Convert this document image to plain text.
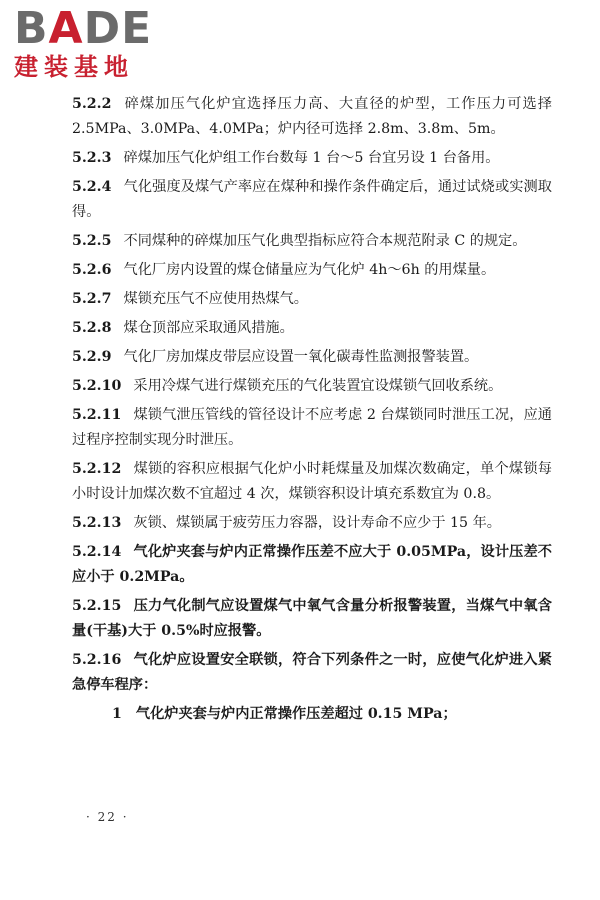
BADE
建装基地

5.2.2 碎煤加压气化炉宜选择压力高、大直径的炉型，工作压力可选择 2.5MPa、3.0MPa、4.0MPa；炉内径可选择 2.8m、3.8m、5m。

5.2.3 碎煤加压气化炉组工作台数每 1 台～5 台宜另设 1 台备用。

5.2.4 气化强度及煤气产率应在煤种和操作条件确定后，通过试烧或实测取得。

5.2.5 不同煤种的碎煤加压气化典型指标应符合本规范附录 C 的规定。

5.2.6 气化厂房内设置的煤仓储量应为气化炉 4h～6h 的用煤量。

5.2.7 煤锁充压气不应使用热煤气。

5.2.8 煤仓顶部应采取通风措施。

5.2.9 气化厂房加煤皮带层应设置一氧化碳毒性监测报警装置。

5.2.10 采用冷煤气进行煤锁充压的气化装置宜设煤锁气回收系统。

5.2.11 煤锁气泄压管线的管径设计不应考虑 2 台煤锁同时泄压工况，应通过程序控制实现分时泄压。

5.2.12 煤锁的容积应根据气化炉小时耗煤量及加煤次数确定，单个煤锁每小时设计加煤次数不宜超过 4 次，煤锁容积设计填充系数宜为 0.8。

5.2.13 灰锁、煤锁属于疲劳压力容器，设计寿命不应少于 15 年。

5.2.14 气化炉夹套与炉内正常操作压差不应大于 0.05MPa，设计压差不应小于 0.2MPa。

5.2.15 压力气化制气应设置煤气中氧气含量分析报警装置，当煤气中氧含量(干基)大于 0.5%时应报警。

5.2.16 气化炉应设置安全联锁，符合下列条件之一时，应使气化炉进入紧急停车程序：

1 气化炉夹套与炉内正常操作压差超过 0.15 MPa；

· 22 ·
